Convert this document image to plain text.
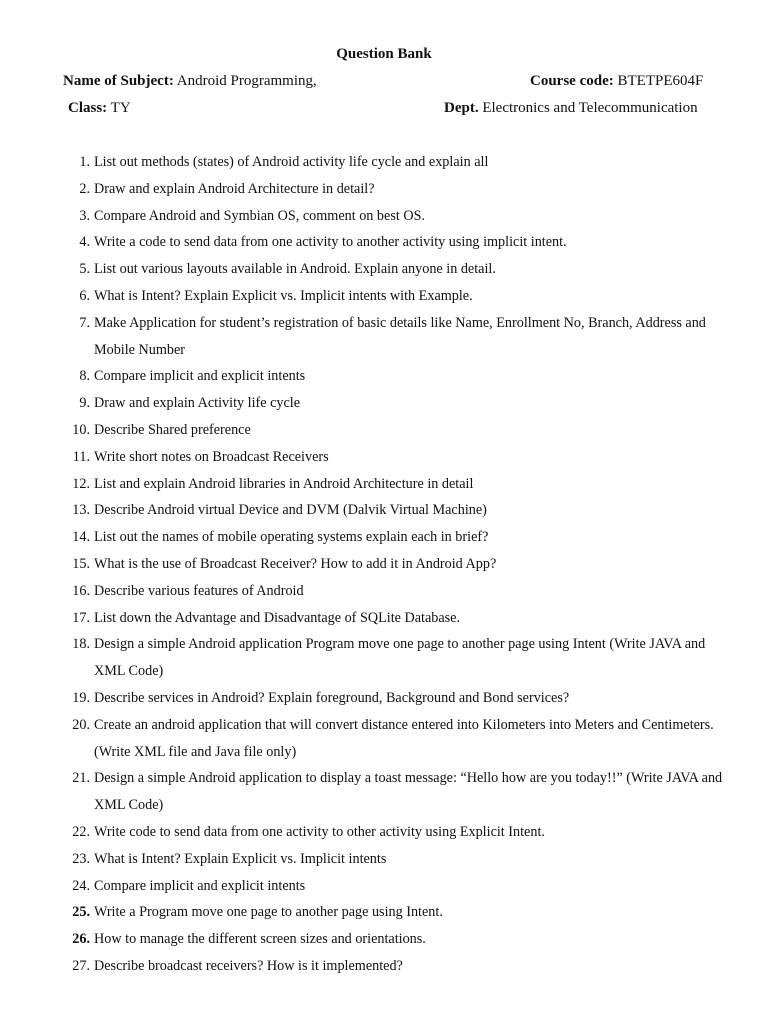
Question Bank
Name of Subject: Android Programming,	Course code: BTETPE604F
Class: TY	Dept. Electronics and Telecommunication
1. List out methods (states) of Android activity life cycle and explain all
2. Draw and explain Android Architecture in detail?
3. Compare Android and Symbian OS, comment on best OS.
4. Write a code to send data from one activity to another activity using implicit intent.
5. List out various layouts available in Android. Explain anyone in detail.
6. What is Intent? Explain Explicit vs. Implicit intents with Example.
7. Make Application for student’s registration of basic details like Name, Enrollment No, Branch, Address and Mobile Number
8. Compare implicit and explicit intents
9. Draw and explain Activity life cycle
10. Describe Shared preference
11. Write short notes on Broadcast Receivers
12. List and explain Android libraries in Android Architecture in detail
13. Describe Android virtual Device and DVM (Dalvik Virtual Machine)
14. List out the names of mobile operating systems explain each in brief?
15. What is the use of Broadcast Receiver? How to add it in Android App?
16. Describe various features of Android
17. List down the Advantage and Disadvantage of SQLite Database.
18. Design a simple Android application Program move one page to another page using Intent (Write JAVA and XML Code)
19. Describe services in Android? Explain foreground, Background and Bond services?
20. Create an android application that will convert distance entered into Kilometers into Meters and Centimeters. (Write XML file and Java file only)
21. Design a simple Android application to display a toast message: “Hello how are you today!!” (Write JAVA and XML Code)
22. Write code to send data from one activity to other activity using Explicit Intent.
23. What is Intent? Explain Explicit vs. Implicit intents
24. Compare implicit and explicit intents
25. Write a Program move one page to another page using Intent.
26. How to manage the different screen sizes and orientations.
27. Describe broadcast receivers? How is it implemented?
